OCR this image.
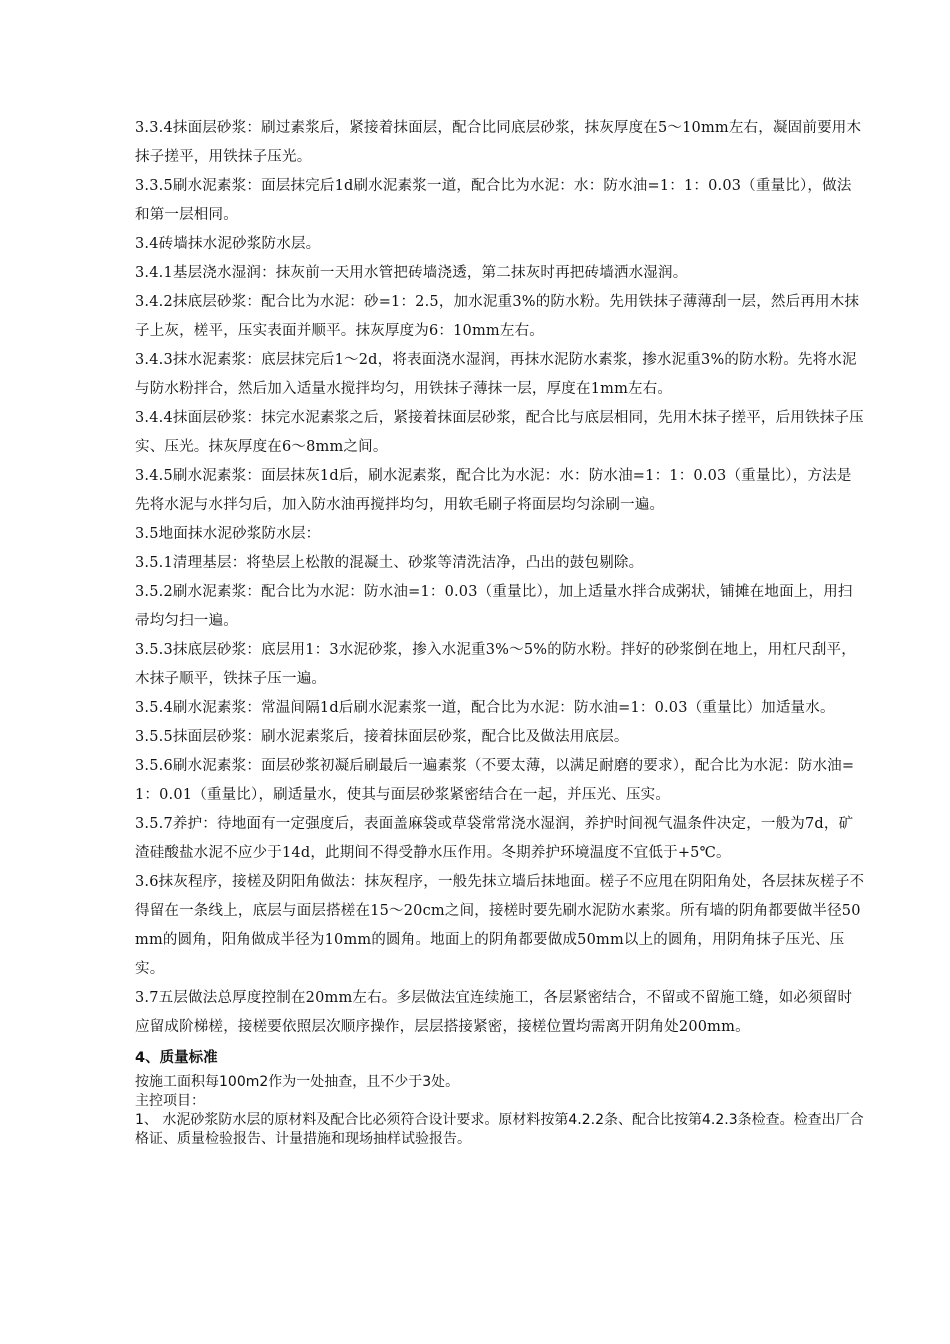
3.3.4抹面层砂浆：刷过素浆后，紧接着抹面层，配合比同底层砂浆，抹灰厚度在5～10mm左右，凝固前要用木抹子搓平，用铁抹子压光。

3.3.5刷水泥素浆：面层抹完后1d刷水泥素浆一道，配合比为水泥：水：防水油=1：1：0.03（重量比），做法和第一层相同。

3.4砖墙抹水泥砂浆防水层。

3.4.1基层浇水湿润：抹灰前一天用水管把砖墙浇透，第二抹灰时再把砖墙洒水湿润。

3.4.2抹底层砂浆：配合比为水泥：砂=1：2.5，加水泥重3%的防水粉。先用铁抹子薄薄刮一层，然后再用木抹子上灰，槎平，压实表面并顺平。抹灰厚度为6：10mm左右。

3.4.3抹水泥素浆：底层抹完后1～2d，将表面浇水湿润，再抹水泥防水素浆，掺水泥重3%的防水粉。先将水泥与防水粉拌合，然后加入适量水搅拌均匀，用铁抹子薄抹一层，厚度在1mm左右。

3.4.4抹面层砂浆：抹完水泥素浆之后，紧接着抹面层砂浆，配合比与底层相同，先用木抹子搓平，后用铁抹子压实、压光。抹灰厚度在6～8mm之间。

3.4.5刷水泥素浆：面层抹灰1d后，刷水泥素浆，配合比为水泥：水：防水油=1：1：0.03（重量比），方法是先将水泥与水拌匀后，加入防水油再搅拌均匀，用软毛刷子将面层均匀涂刷一遍。

3.5地面抹水泥砂浆防水层：

3.5.1清理基层：将垫层上松散的混凝土、砂浆等清洗洁净，凸出的鼓包剔除。

3.5.2刷水泥素浆：配合比为水泥：防水油=1：0.03（重量比），加上适量水拌合成粥状，铺摊在地面上，用扫帚均匀扫一遍。

3.5.3抹底层砂浆：底层用1：3水泥砂浆，掺入水泥重3%～5%的防水粉。拌好的砂浆倒在地上，用杠尺刮平，木抹子顺平，铁抹子压一遍。

3.5.4刷水泥素浆：常温间隔1d后刷水泥素浆一道，配合比为水泥：防水油=1：0.03（重量比）加适量水。

3.5.5抹面层砂浆：刷水泥素浆后，接着抹面层砂浆，配合比及做法用底层。

3.5.6刷水泥素浆：面层砂浆初凝后刷最后一遍素浆（不要太薄，以满足耐磨的要求），配合比为水泥：防水油=1：0.01（重量比），刷适量水，使其与面层砂浆紧密结合在一起，并压光、压实。

3.5.7养护：待地面有一定强度后，表面盖麻袋或草袋常常浇水湿润，养护时间视气温条件决定，一般为7d，矿渣硅酸盐水泥不应少于14d，此期间不得受静水压作用。冬期养护环境温度不宜低于+5℃。

3.6抹灰程序，接槎及阴阳角做法：抹灰程序，一般先抹立墙后抹地面。槎子不应甩在阴阳角处，各层抹灰槎子不得留在一条线上，底层与面层搭槎在15～20cm之间，接槎时要先刷水泥防水素浆。所有墙的阴角都要做半径50mm的圆角，阳角做成半径为10mm的圆角。地面上的阴角都要做成50mm以上的圆角，用阴角抹子压光、压实。

3.7五层做法总厚度控制在20mm左右。多层做法宜连续施工，各层紧密结合，不留或不留施工缝，如必须留时应留成阶梯槎，接槎要依照层次顺序操作，层层搭接紧密，接槎位置均需离开阴角处200mm。

4、质量标准

按施工面积每100m2作为一处抽查，且不少于3处。

主控项目：

1、 水泥砂浆防水层的原材料及配合比必须符合设计要求。原材料按第4.2.2条、配合比按第4.2.3条检查。检查出厂合格证、质量检验报告、计量措施和现场抽样试验报告。
